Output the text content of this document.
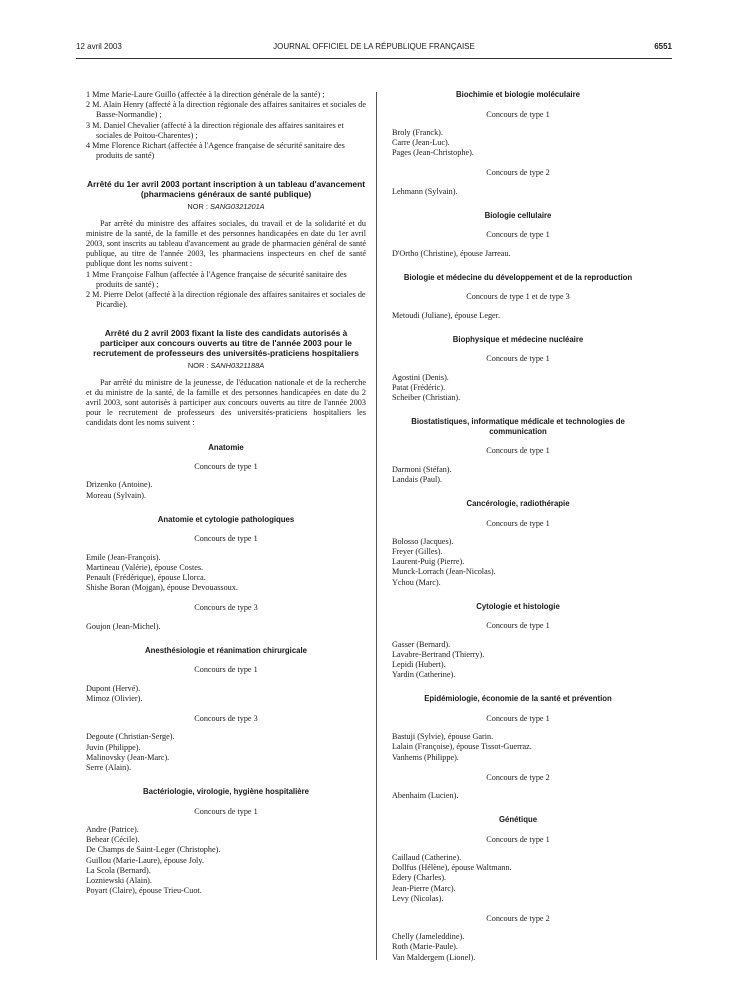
12 avril 2003	JOURNAL OFFICIEL DE LA RÉPUBLIQUE FRANÇAISE	6551

1 Mme Marie-Laure Guillo (affectée à la direction générale de la santé) ;

2 M. Alain Henry (affecté à la direction régionale des affaires sanitaires et sociales de Basse-Normandie) ;

3 M. Daniel Chevalier (affecté à la direction régionale des affaires sanitaires et sociales de Poitou-Charentes) ;

4 Mme Florence Richart (affectée à l'Agence française de sécurité sanitaire des produits de santé)

Arrêté du 1er avril 2003 portant inscription à un tableau d'avancement (pharmaciens généraux de santé publique)
NOR : SANG0321201A

Par arrêté du ministre des affaires sociales, du travail et de la solidarité et du ministre de la santé, de la famille et des personnes handicapées en date du 1er avril 2003, sont inscrits au tableau d'avancement au grade de pharmacien général de santé publique, au titre de l'année 2003, les pharmaciens inspecteurs en chef de santé publique dont les noms suivent :

1 Mme Françoise Falhun (affectée à l'Agence française de sécurité sanitaire des produits de santé) ;

2 M. Pierre Delot (affecté à la direction régionale des affaires sanitaires et sociales de Picardie).

Arrêté du 2 avril 2003 fixant la liste des candidats autorisés à participer aux concours ouverts au titre de l'année 2003 pour le recrutement de professeurs des universités-praticiens hospitaliers
NOR : SANH0321188A

Par arrêté du ministre de la jeunesse, de l'éducation nationale et de la recherche et du ministre de la santé, de la famille et des personnes handicapées en date du 2 avril 2003, sont autorisés à participer aux concours ouverts au titre de l'année 2003 pour le recrutement de professeurs des universités-praticiens hospitaliers les candidats dont les noms suivent :

Anatomie
Concours de type 1
Drizenko (Antoine).
Moreau (Sylvain).
Anatomie et cytologie pathologiques
Concours de type 1
Emile (Jean-François).
Martineau (Valérie), épouse Costes.
Penault (Frédérique), épouse Llorca.
Shishe Boran (Mojgan), épouse Devouassoux.
Concours de type 3
Goujon (Jean-Michel).
Anesthésiologie et réanimation chirurgicale
Concours de type 1
Dupont (Hervé).
Mimoz (Olivier).
Concours de type 3
Degoute (Christian-Serge).
Juvin (Philippe).
Malinovsky (Jean-Marc).
Serre (Alain).
Bactériologie, virologie, hygiène hospitalière
Concours de type 1
Andre (Patrice).
Bebear (Cécile).
De Champs de Saint-Leger (Christophe).
Guillou (Marie-Laure), épouse Joly.
La Scola (Bernard).
Lozniewski (Alain).
Poyart (Claire), épouse Trieu-Cuot.
Biochimie et biologie moléculaire
Concours de type 1
Broly (Franck).
Carre (Jean-Luc).
Pages (Jean-Christophe).
Concours de type 2
Lehmann (Sylvain).
Biologie cellulaire
Concours de type 1
D'Ortho (Christine), épouse Jarreau.
Biologie et médecine du développement et de la reproduction
Concours de type 1 et de type 3
Metoudi (Juliane), épouse Leger.
Biophysique et médecine nucléaire
Concours de type 1
Agostini (Denis).
Patat (Frédéric).
Scheiber (Christian).
Biostatistiques, informatique médicale et technologies de communication
Concours de type 1
Darmoni (Stéfan).
Landais (Paul).
Cancérologie, radiothérapie
Concours de type 1
Bolosso (Jacques).
Freyer (Gilles).
Laurent-Puig (Pierre).
Munck-Lorrach (Jean-Nicolas).
Ychou (Marc).
Cytologie et histologie
Concours de type 1
Gasser (Bernard).
Lavabre-Bertrand (Thierry).
Lepidi (Hubert).
Yardin (Catherine).
Epidémiologie, économie de la santé et prévention
Concours de type 1
Bastuji (Sylvie), épouse Garin.
Lalain (Françoise), épouse Tissot-Guerraz.
Vanhems (Philippe).
Concours de type 2
Abenhaim (Lucien).
Génétique
Concours de type 1
Caillaud (Catherine).
Dollfus (Hélène), épouse Waltmann.
Edery (Charles).
Jean-Pierre (Marc).
Levy (Nicolas).
Concours de type 2
Chelly (Jameleddine).
Roth (Marie-Paule).
Van Maldergem (Lionel).
